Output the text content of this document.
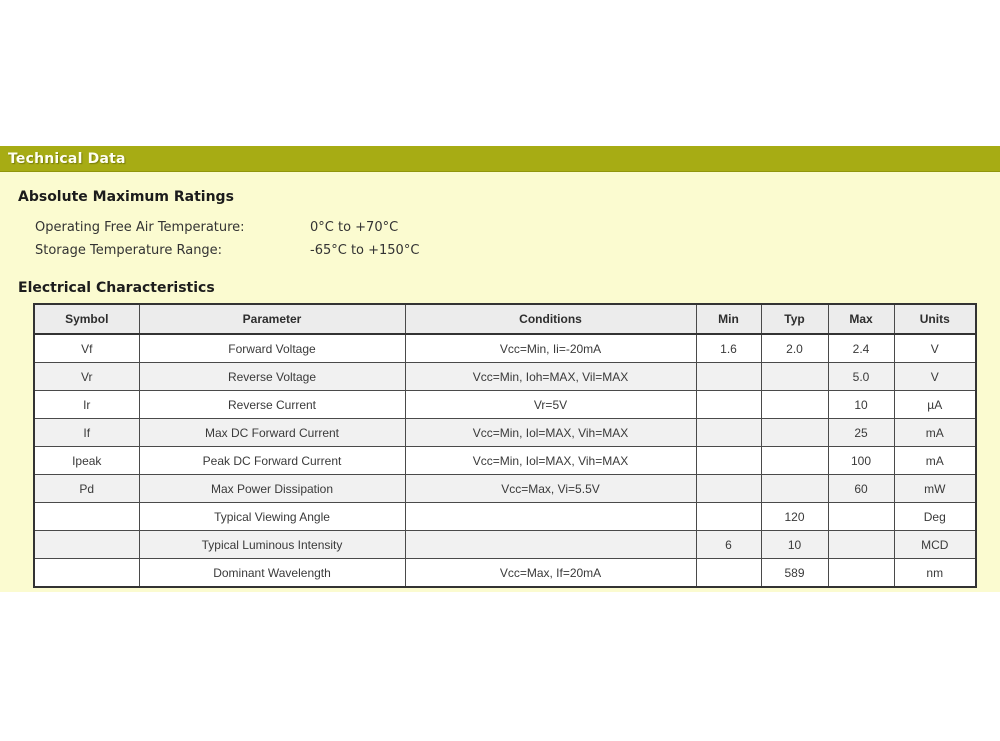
Technical Data
Absolute Maximum Ratings
Operating Free Air Temperature:	0°C to +70°C
Storage Temperature Range:	-65°C to +150°C
Electrical Characteristics
Symbol	Parameter	Conditions	Min	Typ	Max	Units
Vf	Forward Voltage	Vcc=Min, Ii=-20mA	1.6	2.0	2.4	V
Vr	Reverse Voltage	Vcc=Min, Ioh=MAX, Vil=MAX			5.0	V
Ir	Reverse Current	Vr=5V			10	µA
If	Max DC Forward Current	Vcc=Min, Iol=MAX, Vih=MAX			25	mA
Ipeak	Peak DC Forward Current	Vcc=Min, Iol=MAX, Vih=MAX			100	mA
Pd	Max Power Dissipation	Vcc=Max, Vi=5.5V			60	mW
	Typical Viewing Angle			120		Deg
	Typical Luminous Intensity		6	10		MCD
	Dominant Wavelength	Vcc=Max, If=20mA		589		nm
